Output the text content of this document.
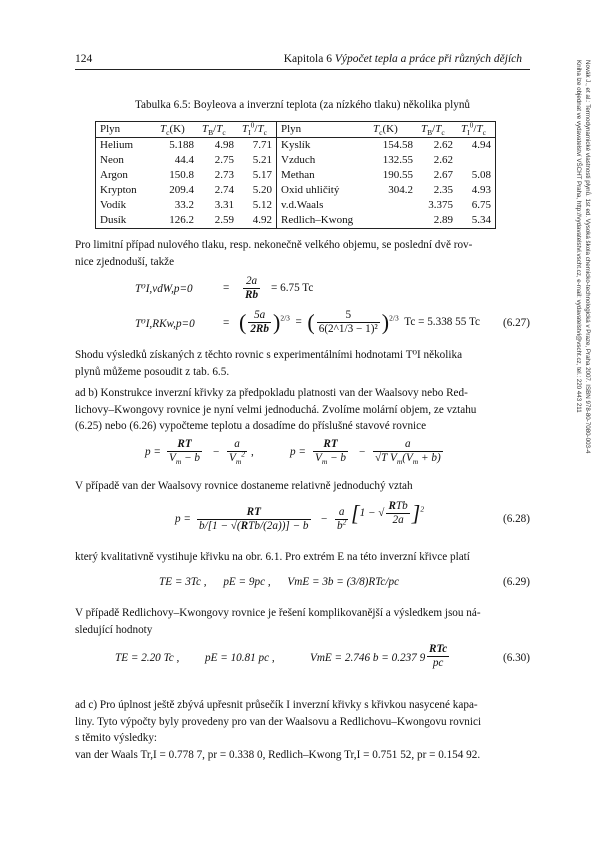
124	Kapitola 6 Výpočet tepla a práce při různých dějích
Novák J., et al.: Termodynamické vlastnosti plynů. 1st ed. Vysoká škola chemicko-technologická v Praze, Praha 2007. ISBN 978-80-7080-003-4
Kniha lze objednat ve vydavatelství VŠCHT Praha, http://vydavatelstvi.vscht.cz, e-mail: vydavatelstvi@vscht.cz, tel.: 220 443 211
Tabulka 6.5: Boyleova a inverzní teplota (za nízkého tlaku) několika plynů
Plyn	$T_c(K)$	$T_B/T_c$	$T_I^0/T_c$	Plyn	$T_c(K)$	$T_B/T_c$	$T_I^0/T_c$
Helium	5.188	4.98	7.71	Kyslík	154.58	2.62	4.94
Neon	44.4	2.75	5.21	Vzduch	132.55	2.62	
Argon	150.8	2.73	5.17	Methan	190.55	2.67	5.08
Krypton	209.4	2.74	5.20	Oxid uhličitý	304.2	2.35	4.93
Vodík	33.2	3.31	5.12	v.d.Waals		3.375	6.75
Dusík	126.2	2.59	4.92	Redlich–Kwong		2.89	5.34
Pro limitní případ nulového tlaku, resp. nekonečně velkého objemu, se poslední dvě rov-
nice zjednoduší, takže
T⁰I,vdW,p=0	= $\frac{2a}{Rb} = 6.75$ Tc
T⁰I,RKw,p=0	= ( $\frac{5a}{2Rb} )^{2/3}$  =  ( $\frac{5}{\text{6(2\textasciicircum{}1/3 − 1)²}} )^{2/3}$ Tc = 5.338 55 Tc (6.27)
Shodu výsledků získaných z těchto rovnic s experimentálními hodnotami T⁰I několika
plynů můžeme posoudit z tab. 6.5.
ad b) Konstrukce inverzní křivky za předpokladu platnosti van der Waalsovy nebo Red-
lichovy–Kwongovy rovnice je nyní velmi jednoduchá. Zvolíme molární objem, ze vztahu
(6.25) nebo (6.26) vypočteme teplotu a dosadíme do příslušné stavové rovnice
$p = \frac{RT}{V_m - b} - \frac{a}{V_m^2}$ ,	$p = \frac{RT}{V_m - b} - \frac{a}{√T V_m(V_m + b)}$
V případě van der Waalsovy rovnice dostaneme relativně jednoduchý vztah
p =
RT
b/[1 − √(RTb/(2a))] − b
− $\frac{a}{b^2} [1$ − √ $\frac{\text{RTb}}{2a} ]^2$
(6.28)
který kvalitativně vystihuje křivku na obr. 6.1. Pro extrém E na této inverzní křivce platí
TE = 3Tc ,      pE = 9pc ,      VmE = 3b = (3/8)RTc/pc	(6.29)
V případě Redlichovy–Kwongovy rovnice je řešení komplikovanější a výsledkem jsou ná-
sledující hodnoty
TE = 2.20 Tc , pE = 10.81 pc ,	VmE = 2.746 b = 0.237 9
RTc
pc	(6.30)
ad c) Pro úplnost ještě zbývá upřesnit průsečík I inverzní křivky s křivkou nasycené kapa-
liny. Tyto výpočty byly provedeny pro van der Waalsovu a Redlichovu–Kwongovu rovnici
s těmito výsledky:
van der Waals Tr,I = 0.778 7, pr = 0.338 0, Redlich–Kwong Tr,I = 0.751 52, pr = 0.154 92.
